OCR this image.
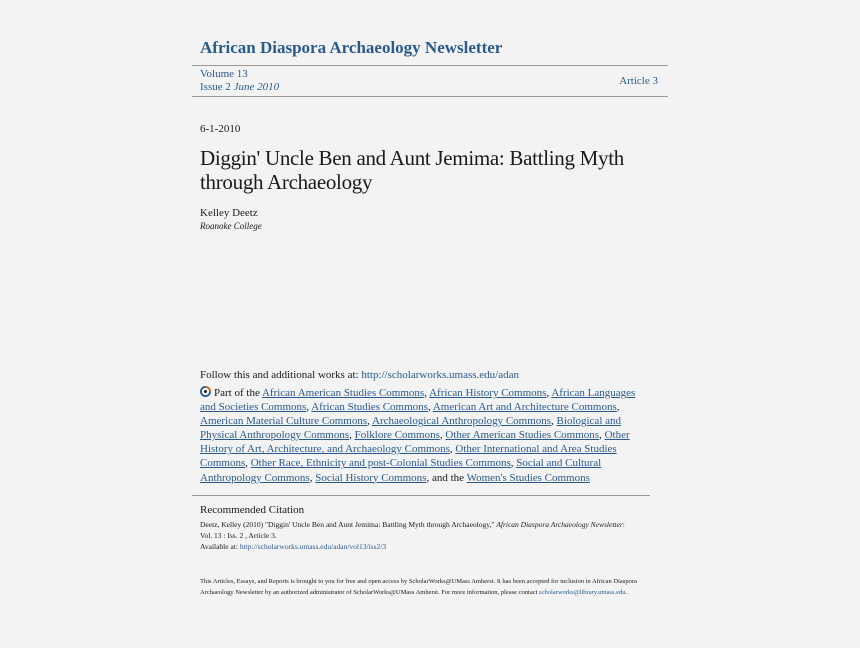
African Diaspora Archaeology Newsletter
Volume 13
Issue 2 June 2010	Article 3
6-1-2010
Diggin' Uncle Ben and Aunt Jemima: Battling Myth through Archaeology
Kelley Deetz
Roanoke College
Follow this and additional works at: http://scholarworks.umass.edu/adan
Part of the African American Studies Commons, African History Commons, African Languages and Societies Commons, African Studies Commons, American Art and Architecture Commons, American Material Culture Commons, Archaeological Anthropology Commons, Biological and Physical Anthropology Commons, Folklore Commons, Other American Studies Commons, Other History of Art, Architecture, and Archaeology Commons, Other International and Area Studies Commons, Other Race, Ethnicity and post-Colonial Studies Commons, Social and Cultural Anthropology Commons, Social History Commons, and the Women's Studies Commons
Recommended Citation
Deetz, Kelley (2010) "Diggin' Uncle Ben and Aunt Jemima: Battling Myth through Archaeology," African Diaspora Archaeology Newsletter: Vol. 13 : Iss. 2 , Article 3.
Available at: http://scholarworks.umass.edu/adan/vol13/iss2/3
This Articles, Essays, and Reports is brought to you for free and open access by ScholarWorks@UMass Amherst. It has been accepted for inclusion in African Diaspora Archaeology Newsletter by an authorized administrator of ScholarWorks@UMass Amherst. For more information, please contact scholarworks@library.umass.edu.
